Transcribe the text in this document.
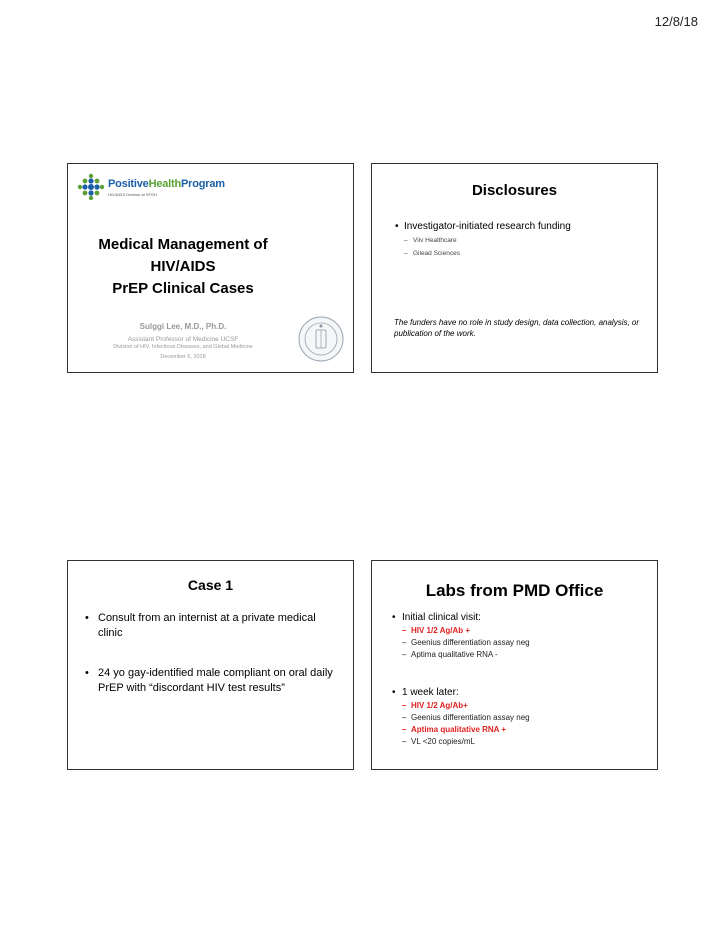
12/8/18
PositiveHealthProgram
HIV/AIDS Division at SFGH
Medical Management of
HIV/AIDS
PrEP Clinical Cases
Sulggi Lee, M.D., Ph.D.
Assistant Professor of Medicine UCSF
Division of HIV, Infectious Diseases, and Global Medicine
December 6, 2018
Disclosures
• Investigator-initiated research funding
– Viiv Healthcare
– Gilead Sciences
The funders have no role in study design, data collection, analysis, or publication of the work.
Case 1
• Consult from an internist at a private medical clinic
• 24 yo gay-identified male compliant on oral daily PrEP with “discordant HIV test results”
Labs from PMD Office
• Initial clinical visit:
– HIV 1/2 Ag/Ab +
– Geenius differentiation assay neg
– Aptima qualitative RNA -
• 1 week later:
– HIV 1/2 Ag/Ab+
– Geenius differentiation assay neg
– Aptima qualitative RNA +
– VL <20 copies/mL
